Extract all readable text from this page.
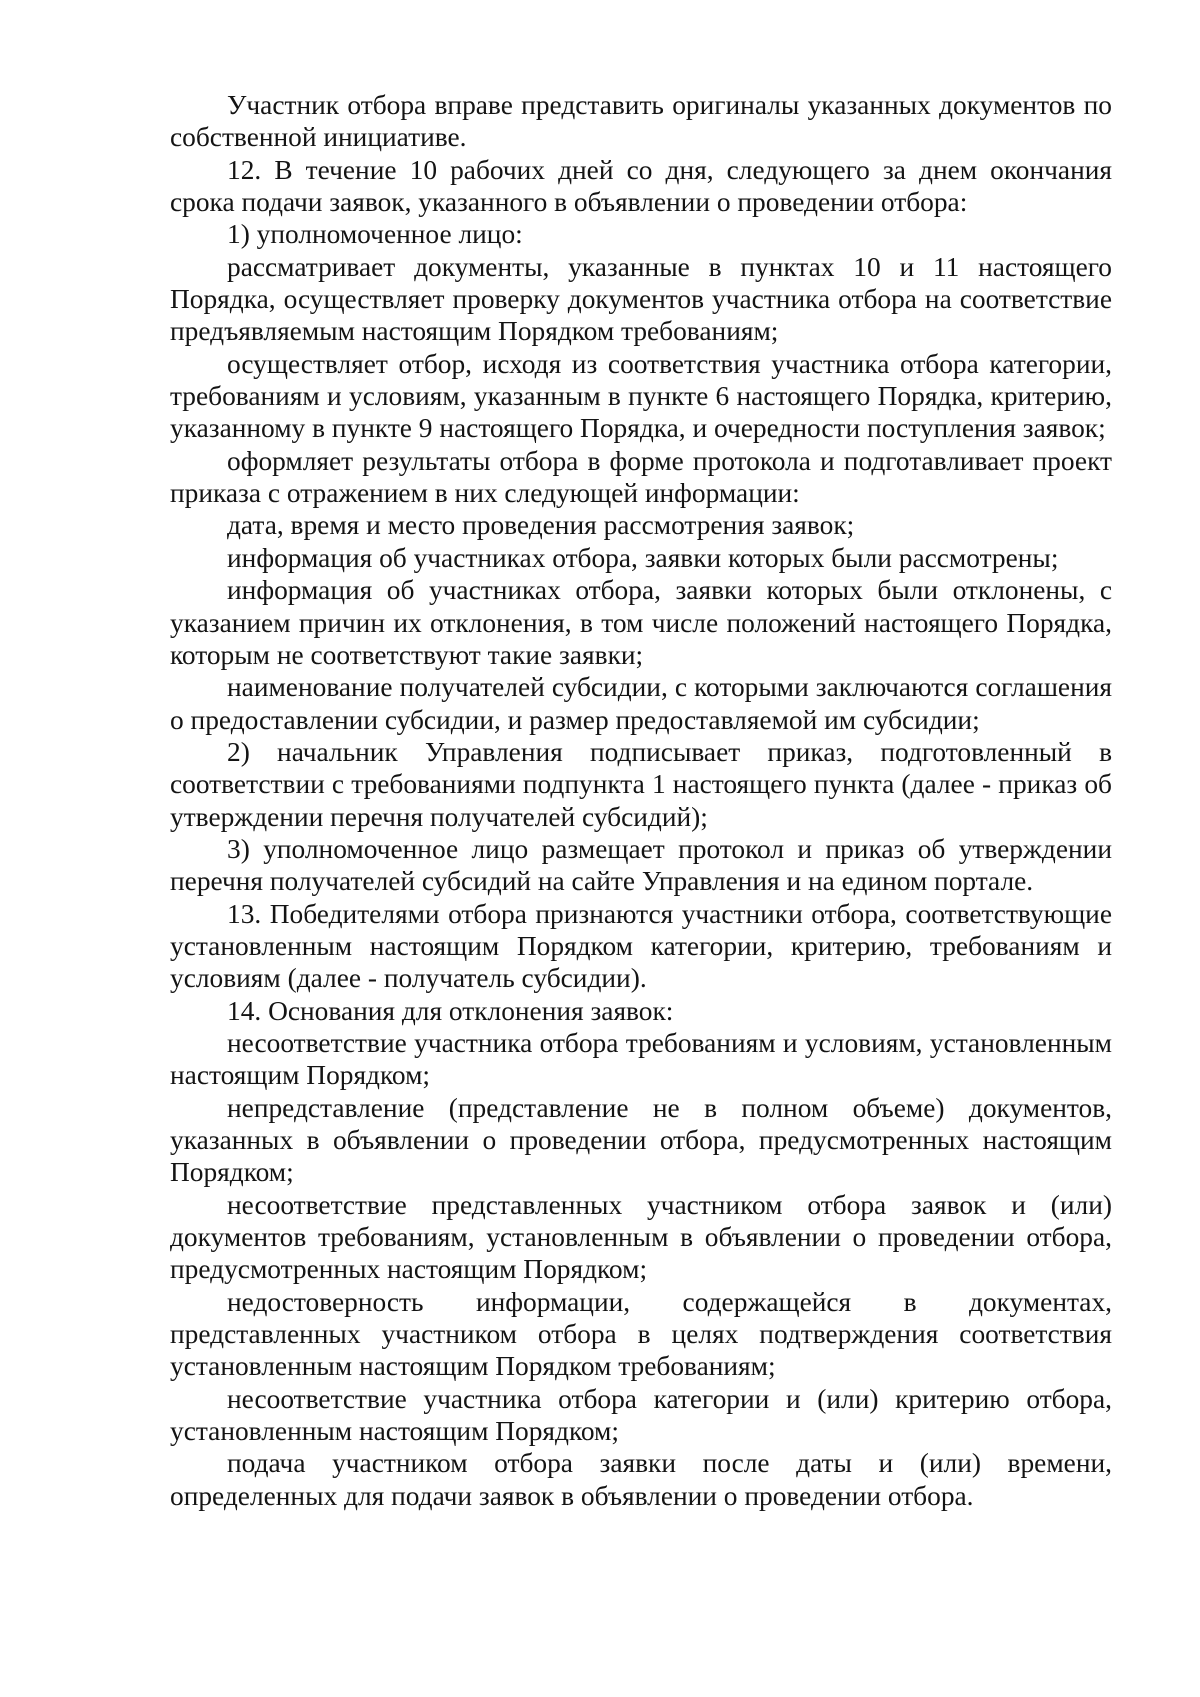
Участник отбора вправе представить оригиналы указанных документов по собственной инициативе.

12. В течение 10 рабочих дней со дня, следующего за днем окончания срока подачи заявок, указанного в объявлении о проведении отбора:

1) уполномоченное лицо:

рассматривает документы, указанные в пунктах 10 и 11 настоящего Порядка, осуществляет проверку документов участника отбора на соответствие предъявляемым настоящим Порядком требованиям;

осуществляет отбор, исходя из соответствия участника отбора категории, требованиям и условиям, указанным в пункте 6 настоящего Порядка, критерию, указанному в пункте 9 настоящего Порядка, и очередности поступления заявок;

оформляет результаты отбора в форме протокола и подготавливает проект приказа с отражением в них следующей информации:

дата, время и место проведения рассмотрения заявок;

информация об участниках отбора, заявки которых были рассмотрены;

информация об участниках отбора, заявки которых были отклонены, с указанием причин их отклонения, в том числе положений настоящего Порядка, которым не соответствуют такие заявки;

наименование получателей субсидии, с которыми заключаются соглашения о предоставлении субсидии, и размер предоставляемой им субсидии;

2) начальник Управления подписывает приказ, подготовленный в соответствии с требованиями подпункта 1 настоящего пункта (далее - приказ об утверждении перечня получателей субсидий);

3) уполномоченное лицо размещает протокол и приказ об утверждении перечня получателей субсидий на сайте Управления и на едином портале.

13. Победителями отбора признаются участники отбора, соответствующие установленным настоящим Порядком категории, критерию, требованиям и условиям (далее - получатель субсидии).

14. Основания для отклонения заявок:

несоответствие участника отбора требованиям и условиям, установленным настоящим Порядком;

непредставление (представление не в полном объеме) документов, указанных в объявлении о проведении отбора, предусмотренных настоящим Порядком;

несоответствие представленных участником отбора заявок и (или) документов требованиям, установленным в объявлении о проведении отбора, предусмотренных настоящим Порядком;

недостоверность информации, содержащейся в документах, представленных участником отбора в целях подтверждения соответствия установленным настоящим Порядком требованиям;

несоответствие участника отбора категории и (или) критерию отбора, установленным настоящим Порядком;

подача участником отбора заявки после даты и (или) времени, определенных для подачи заявок в объявлении о проведении отбора.
